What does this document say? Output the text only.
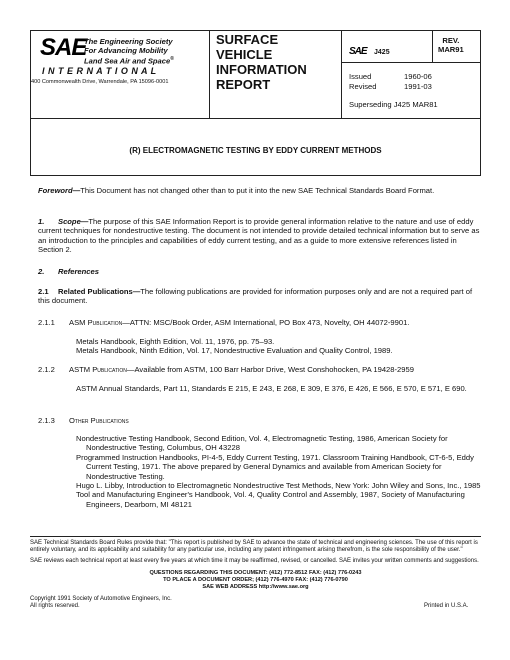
SAE
The Engineering Society
For Advancing Mobility
Land Sea Air and Space®
I N T E R N A T I O N A L
400 Commonwealth Drive, Warrendale, PA 15096-0001
SURFACE
VEHICLE
INFORMATION
REPORT
SAE J425
REV.
MAR91
Issued	1960-06
Revised	1991-03
Superseding J425 MAR81
(R) ELECTROMAGNETIC TESTING BY EDDY CURRENT METHODS
Foreword—This Document has not changed other than to put it into the new SAE Technical Standards Board Format.
1. Scope—The purpose of this SAE Information Report is to provide general information relative to the nature and use of eddy current techniques for nondestructive testing. The document is not intended to provide detailed technical information but to serve as an introduction to the principles and capabilities of eddy current testing, and as a guide to more extensive references listed in Section 2.
2. References
2.1 Related Publications—The following publications are provided for information purposes only and are not a required part of this document.
2.1.1 ASM Publication—ATTN: MSC/Book Order, ASM International, PO Box 473, Novelty, OH 44072-9901.
Metals Handbook, Eighth Edition, Vol. 11, 1976, pp. 75–93.
Metals Handbook, Ninth Edition, Vol. 17, Nondestructive Evaluation and Quality Control, 1989.
2.1.2 ASTM Publication—Available from ASTM, 100 Barr Harbor Drive, West Conshohocken, PA 19428-2959
ASTM Annual Standards, Part 11, Standards E 215, E 243, E 268, E 309, E 376, E 426, E 566, E 570, E 571, E 690.
2.1.3 Other Publications
Nondestructive Testing Handbook, Second Edition, Vol. 4, Electromagnetic Testing, 1986, American Society for Nondestructive Testing, Columbus, OH 43228
Programmed Instruction Handbooks, PI-4-5, Eddy Current Testing, 1971. Classroom Training Handbook, CT-6-5, Eddy Current Testing, 1971. The above prepared by General Dynamics and available from American Society for Nondestructive Testing.
Hugo L. Libby, Introduction to Electromagnetic Nondestructive Test Methods, New York: John Wiley and Sons, Inc., 1985
Tool and Manufacturing Engineer's Handbook, Vol. 4, Quality Control and Assembly, 1987, Society of Manufacturing Engineers, Dearborn, MI 48121
SAE Technical Standards Board Rules provide that: "This report is published by SAE to advance the state of technical and engineering sciences. The use of this report is entirely voluntary, and its applicability and suitability for any particular use, including any patent infringement arising therefrom, is the sole responsibility of the user."
SAE reviews each technical report at least every five years at which time it may be reaffirmed, revised, or cancelled. SAE invites your written comments and suggestions.
QUESTIONS REGARDING THIS DOCUMENT: (412) 772-8512 FAX: (412) 776-0243
TO PLACE A DOCUMENT ORDER; (412) 776-4970 FAX: (412) 776-0790
SAE WEB ADDRESS http://www.sae.org
Copyright 1991 Society of Automotive Engineers, Inc.
All rights reserved.	Printed in U.S.A.
